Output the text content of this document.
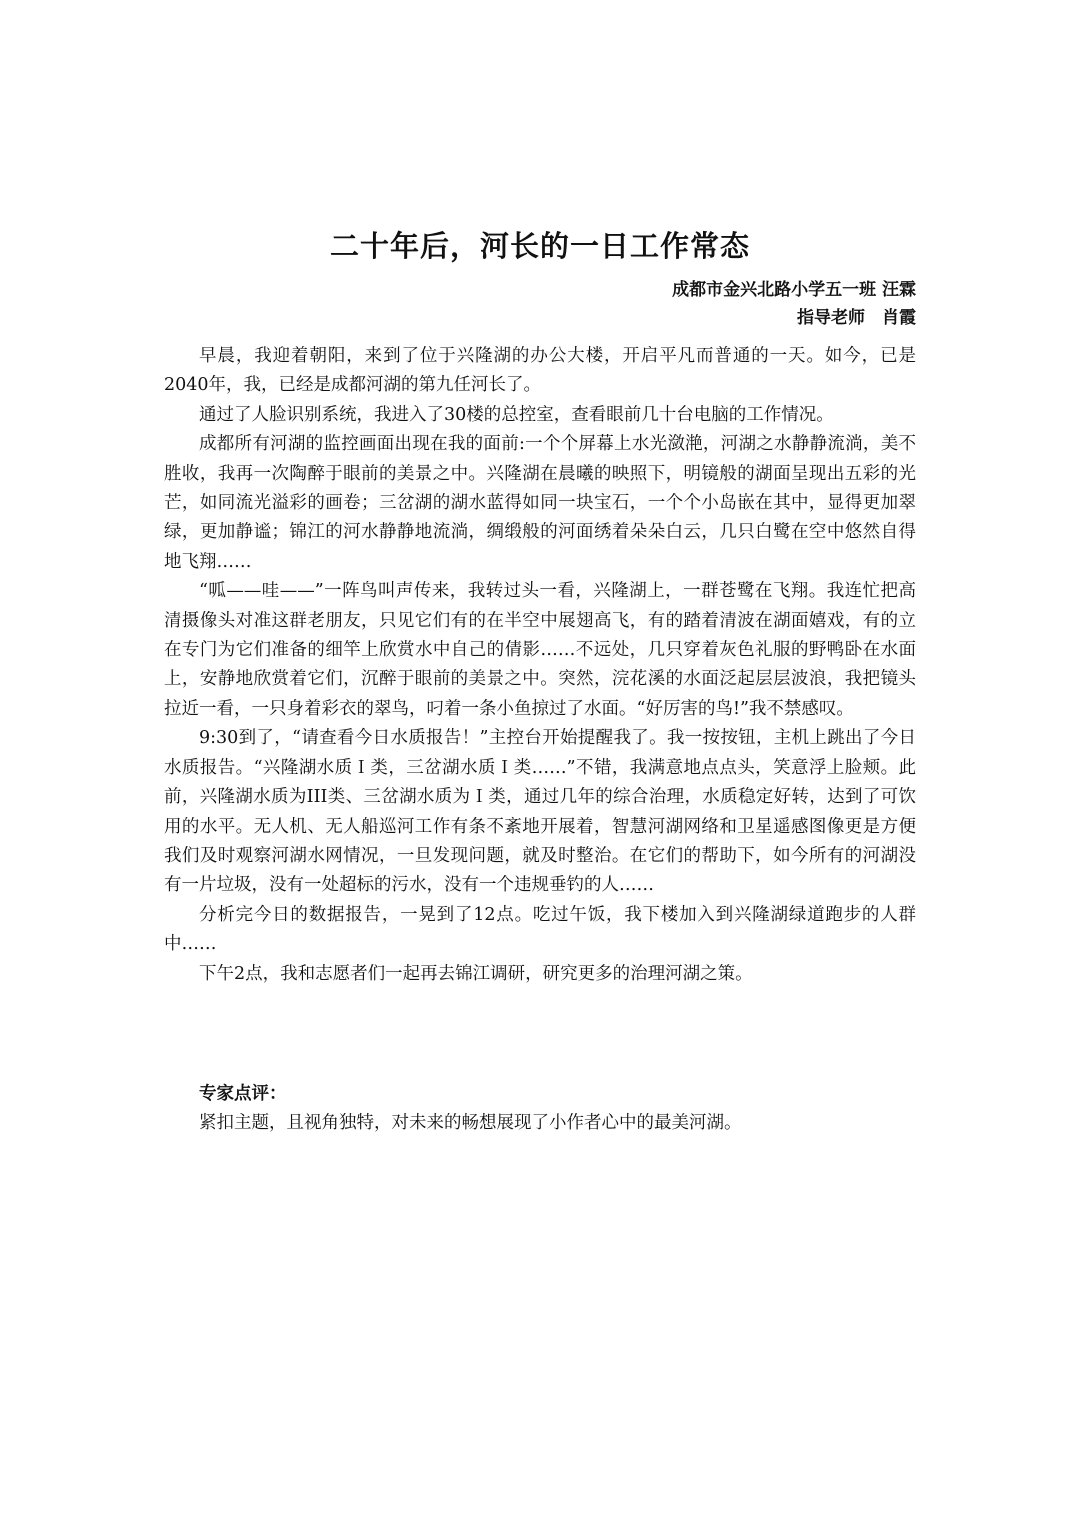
二十年后，河长的一日工作常态
成都市金兴北路小学五一班 汪霖
指导老师　肖霞

早晨，我迎着朝阳，来到了位于兴隆湖的办公大楼，开启平凡而普通的一天。如今，已是2040年，我，已经是成都河湖的第九任河长了。

通过了人脸识别系统，我进入了30楼的总控室，查看眼前几十台电脑的工作情况。

成都所有河湖的监控画面出现在我的面前:一个个屏幕上水光潋滟，河湖之水静静流淌，美不胜收，我再一次陶醉于眼前的美景之中。兴隆湖在晨曦的映照下，明镜般的湖面呈现出五彩的光芒，如同流光溢彩的画卷；三岔湖的湖水蓝得如同一块宝石，一个个小岛嵌在其中，显得更加翠绿，更加静谧；锦江的河水静静地流淌，绸缎般的河面绣着朵朵白云，几只白鹭在空中悠然自得地飞翔……

“呱——哇——”一阵鸟叫声传来，我转过头一看，兴隆湖上，一群苍鹭在飞翔。我连忙把高清摄像头对准这群老朋友，只见它们有的在半空中展翅高飞，有的踏着清波在湖面嬉戏，有的立在专门为它们准备的细竿上欣赏水中自己的倩影……不远处，几只穿着灰色礼服的野鸭卧在水面上，安静地欣赏着它们，沉醉于眼前的美景之中。突然，浣花溪的水面泛起层层波浪，我把镜头拉近一看，一只身着彩衣的翠鸟，叼着一条小鱼掠过了水面。“好厉害的鸟!”我不禁感叹。

9:30到了，“请查看今日水质报告！”主控台开始提醒我了。我一按按钮，主机上跳出了今日水质报告。“兴隆湖水质Ｉ类，三岔湖水质Ｉ类……”不错，我满意地点点头，笑意浮上脸颊。此前，兴隆湖水质为III类、三岔湖水质为Ｉ类，通过几年的综合治理，水质稳定好转，达到了可饮用的水平。无人机、无人船巡河工作有条不紊地开展着，智慧河湖网络和卫星遥感图像更是方便我们及时观察河湖水网情况，一旦发现问题，就及时整治。在它们的帮助下，如今所有的河湖没有一片垃圾，没有一处超标的污水，没有一个违规垂钓的人……

分析完今日的数据报告，一晃到了12点。吃过午饭，我下楼加入到兴隆湖绿道跑步的人群中……

下午2点，我和志愿者们一起再去锦江调研，研究更多的治理河湖之策。

专家点评：

紧扣主题，且视角独特，对未来的畅想展现了小作者心中的最美河湖。
